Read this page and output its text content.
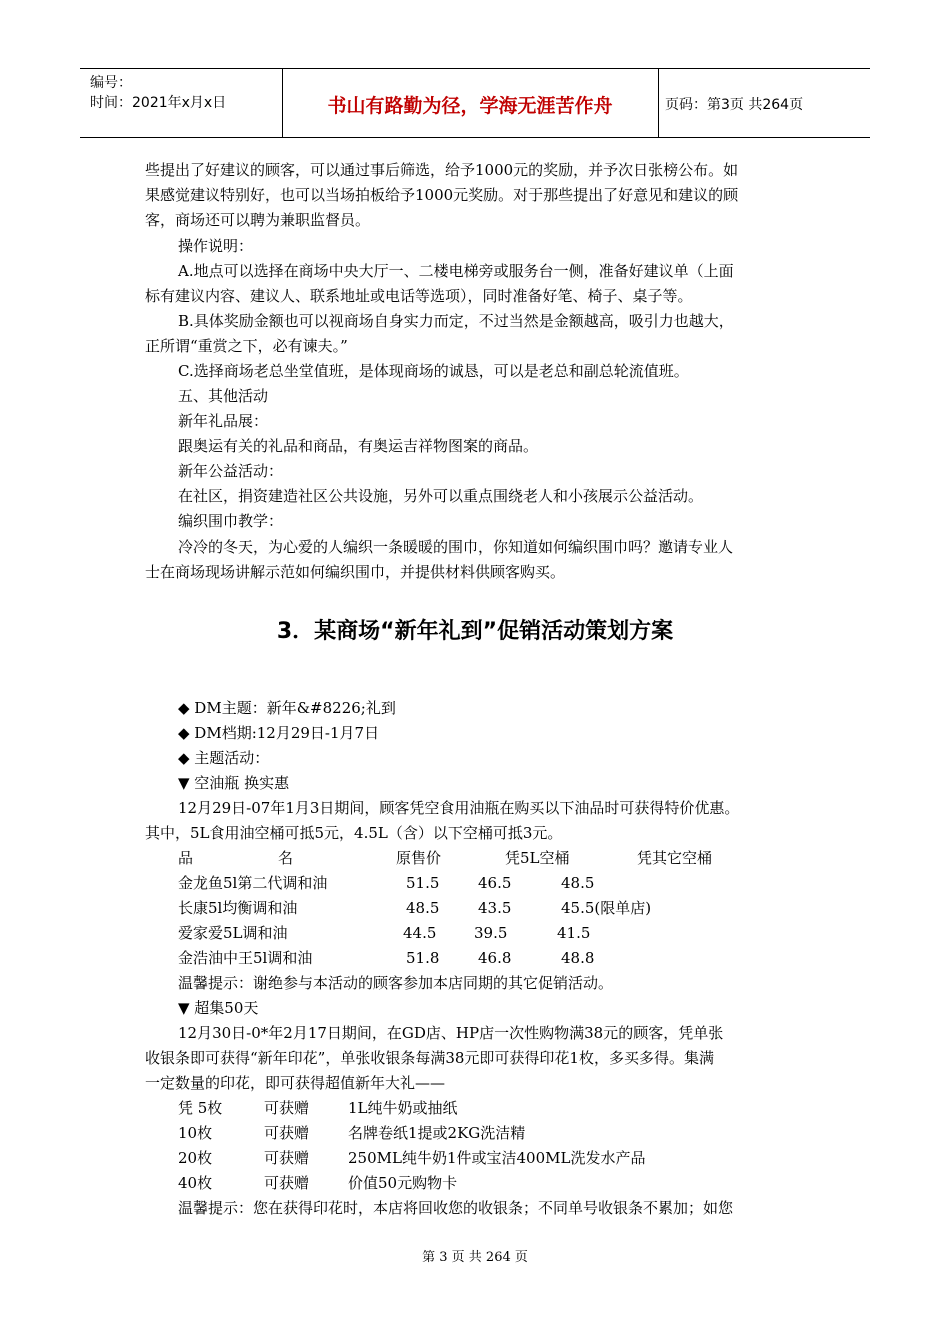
编号：
时间：2021年x月x日	书山有路勤为径，学海无涯苦作舟	页码：第3页 共264页
些提出了好建议的顾客，可以通过事后筛选，给予1000元的奖励，并予次日张榜公布。如
果感觉建议特别好，也可以当场拍板给予1000元奖励。对于那些提出了好意见和建议的顾
客，商场还可以聘为兼职监督员。
操作说明：
A.地点可以选择在商场中央大厅一、二楼电梯旁或服务台一侧，准备好建议单（上面
标有建议内容、建议人、联系地址或电话等选项），同时准备好笔、椅子、桌子等。
B.具体奖励金额也可以视商场自身实力而定，不过当然是金额越高，吸引力也越大，
正所谓“重赏之下，必有谏夫。”
C.选择商场老总坐堂值班，是体现商场的诚恳，可以是老总和副总轮流值班。
五、其他活动
新年礼品展：
跟奥运有关的礼品和商品，有奥运吉祥物图案的商品。
新年公益活动：
在社区，捐资建造社区公共设施，另外可以重点围绕老人和小孩展示公益活动。
编织围巾教学：
冷冷的冬天，为心爱的人编织一条暖暖的围巾，你知道如何编织围巾吗？邀请专业人
士在商场现场讲解示范如何编织围巾，并提供材料供顾客购买。
3．某商场“新年礼到”促销活动策划方案
◆ DM主题：新年&#8226;礼到
◆ DM档期:12月29日-1月7日
◆ 主题活动：
▼ 空油瓶 换实惠
12月29日-07年1月3日期间，顾客凭空食用油瓶在购买以下油品时可获得特价优惠。
其中，5L食用油空桶可抵5元，4.5L（含）以下空桶可抵3元。
品	名	原售价	凭5L空桶	凭其它空桶
金龙鱼5l第二代调和油	51.5	46.5	48.5
长康5l均衡调和油	48.5	43.5	45.5(限单店)
爱家爱5L调和油	44.5	39.5	41.5
金浩油中王5l调和油	51.8	46.8	48.8
温馨提示：谢绝参与本活动的顾客参加本店同期的其它促销活动。
▼ 超集50天
12月30日-0*年2月17日期间，在GD店、HP店一次性购物满38元的顾客，凭单张
收银条即可获得“新年印花”，单张收银条每满38元即可获得印花1枚，多买多得。集满
一定数量的印花，即可获得超值新年大礼——
凭 5枚	可获赠	1L纯牛奶或抽纸
10枚	可获赠	名牌卷纸1提或2KG洗洁精
20枚	可获赠	250ML纯牛奶1件或宝洁400ML洗发水产品
40枚	可获赠	价值50元购物卡
温馨提示：您在获得印花时，本店将回收您的收银条；不同单号收银条不累加；如您
第 3 页 共 264 页
